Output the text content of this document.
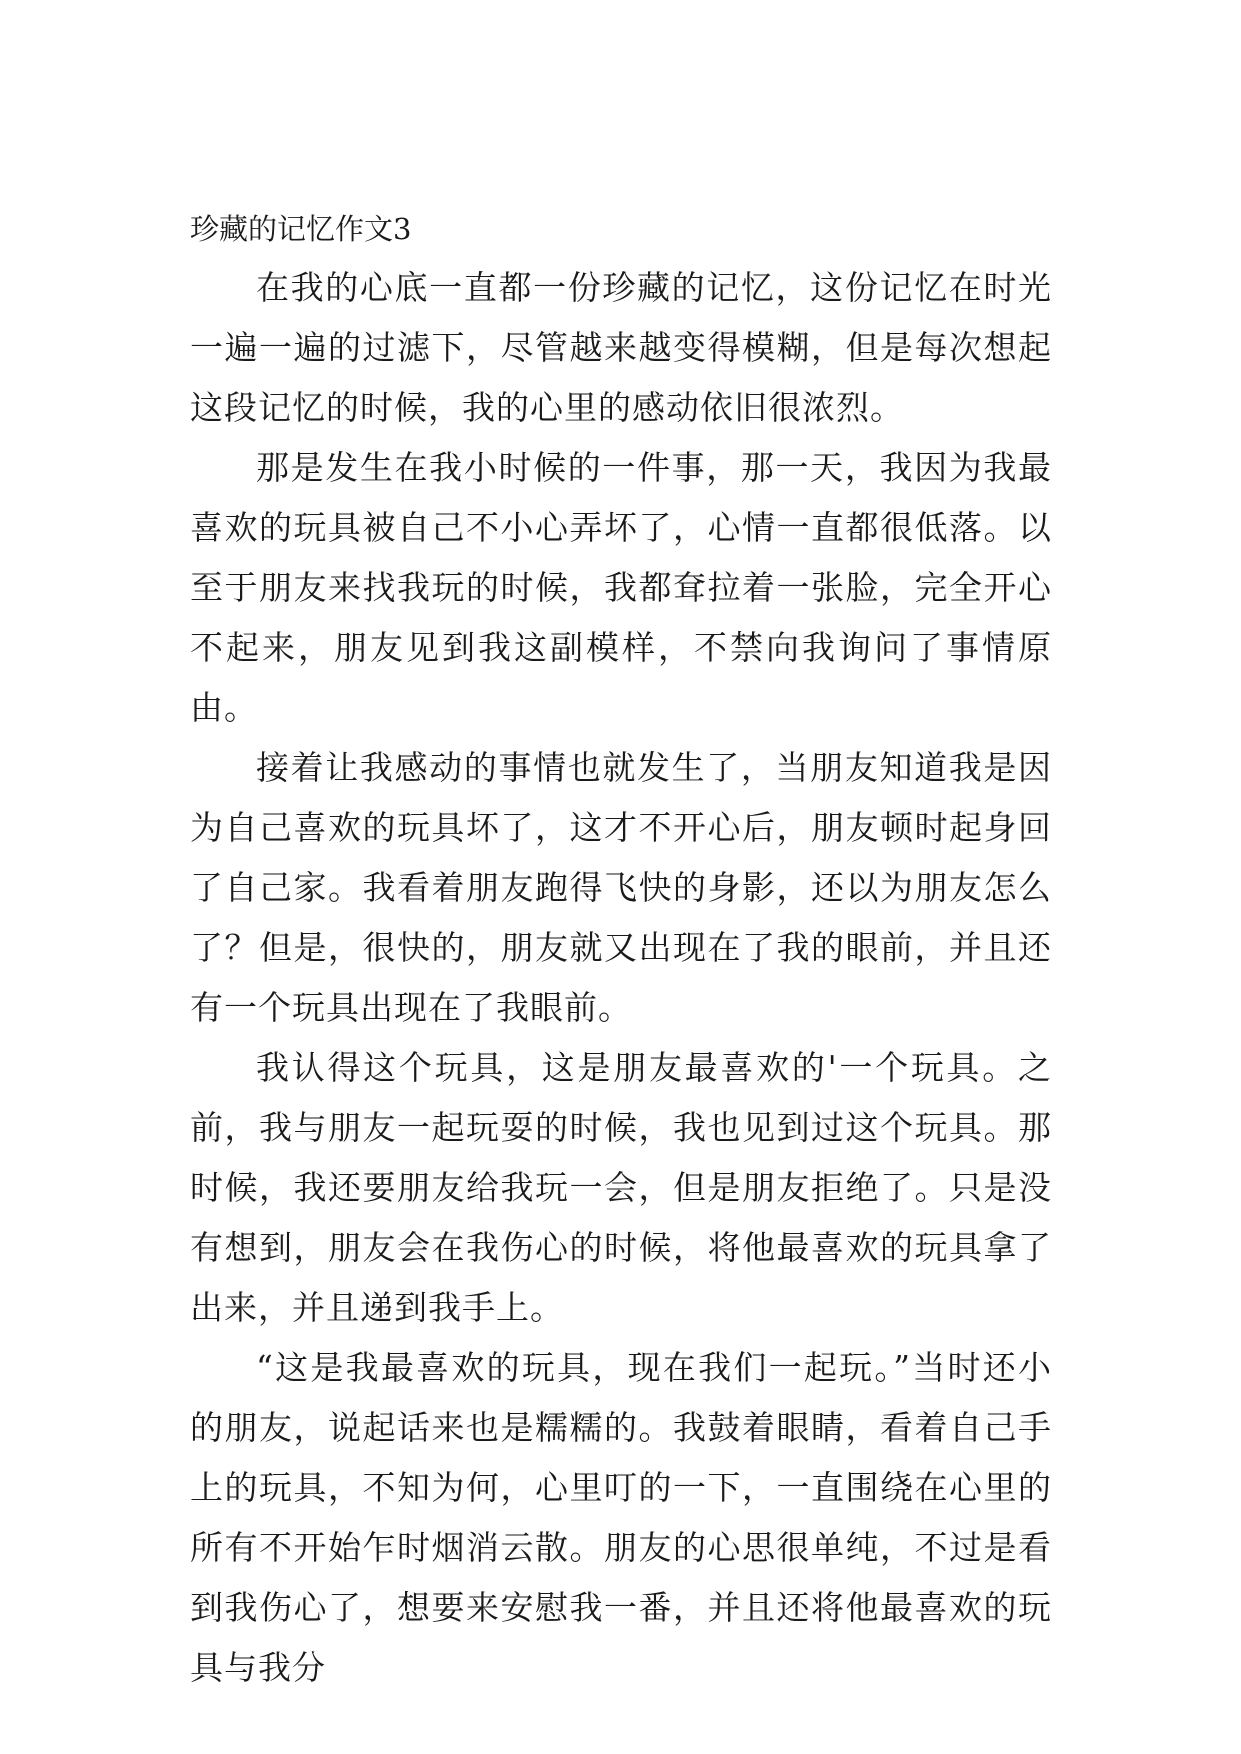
珍藏的记忆作文3

在我的心底一直都一份珍藏的记忆，这份记忆在时光一遍一遍的过滤下，尽管越来越变得模糊，但是每次想起这段记忆的时候，我的心里的感动依旧很浓烈。

那是发生在我小时候的一件事，那一天，我因为我最喜欢的玩具被自己不小心弄坏了，心情一直都很低落。以至于朋友来找我玩的时候，我都耷拉着一张脸，完全开心不起来，朋友见到我这副模样，不禁向我询问了事情原由。

接着让我感动的事情也就发生了，当朋友知道我是因为自己喜欢的玩具坏了，这才不开心后，朋友顿时起身回了自己家。我看着朋友跑得飞快的身影，还以为朋友怎么了？但是，很快的，朋友就又出现在了我的眼前，并且还有一个玩具出现在了我眼前。

我认得这个玩具，这是朋友最喜欢的'一个玩具。之前，我与朋友一起玩耍的时候，我也见到过这个玩具。那时候，我还要朋友给我玩一会，但是朋友拒绝了。只是没有想到，朋友会在我伤心的时候，将他最喜欢的玩具拿了出来，并且递到我手上。

“这是我最喜欢的玩具，现在我们一起玩。”当时还小的朋友，说起话来也是糯糯的。我鼓着眼睛，看着自己手上的玩具，不知为何，心里叮的一下，一直围绕在心里的所有不开始乍时烟消云散。朋友的心思很单纯，不过是看到我伤心了，想要来安慰我一番，并且还将他最喜欢的玩具与我分
